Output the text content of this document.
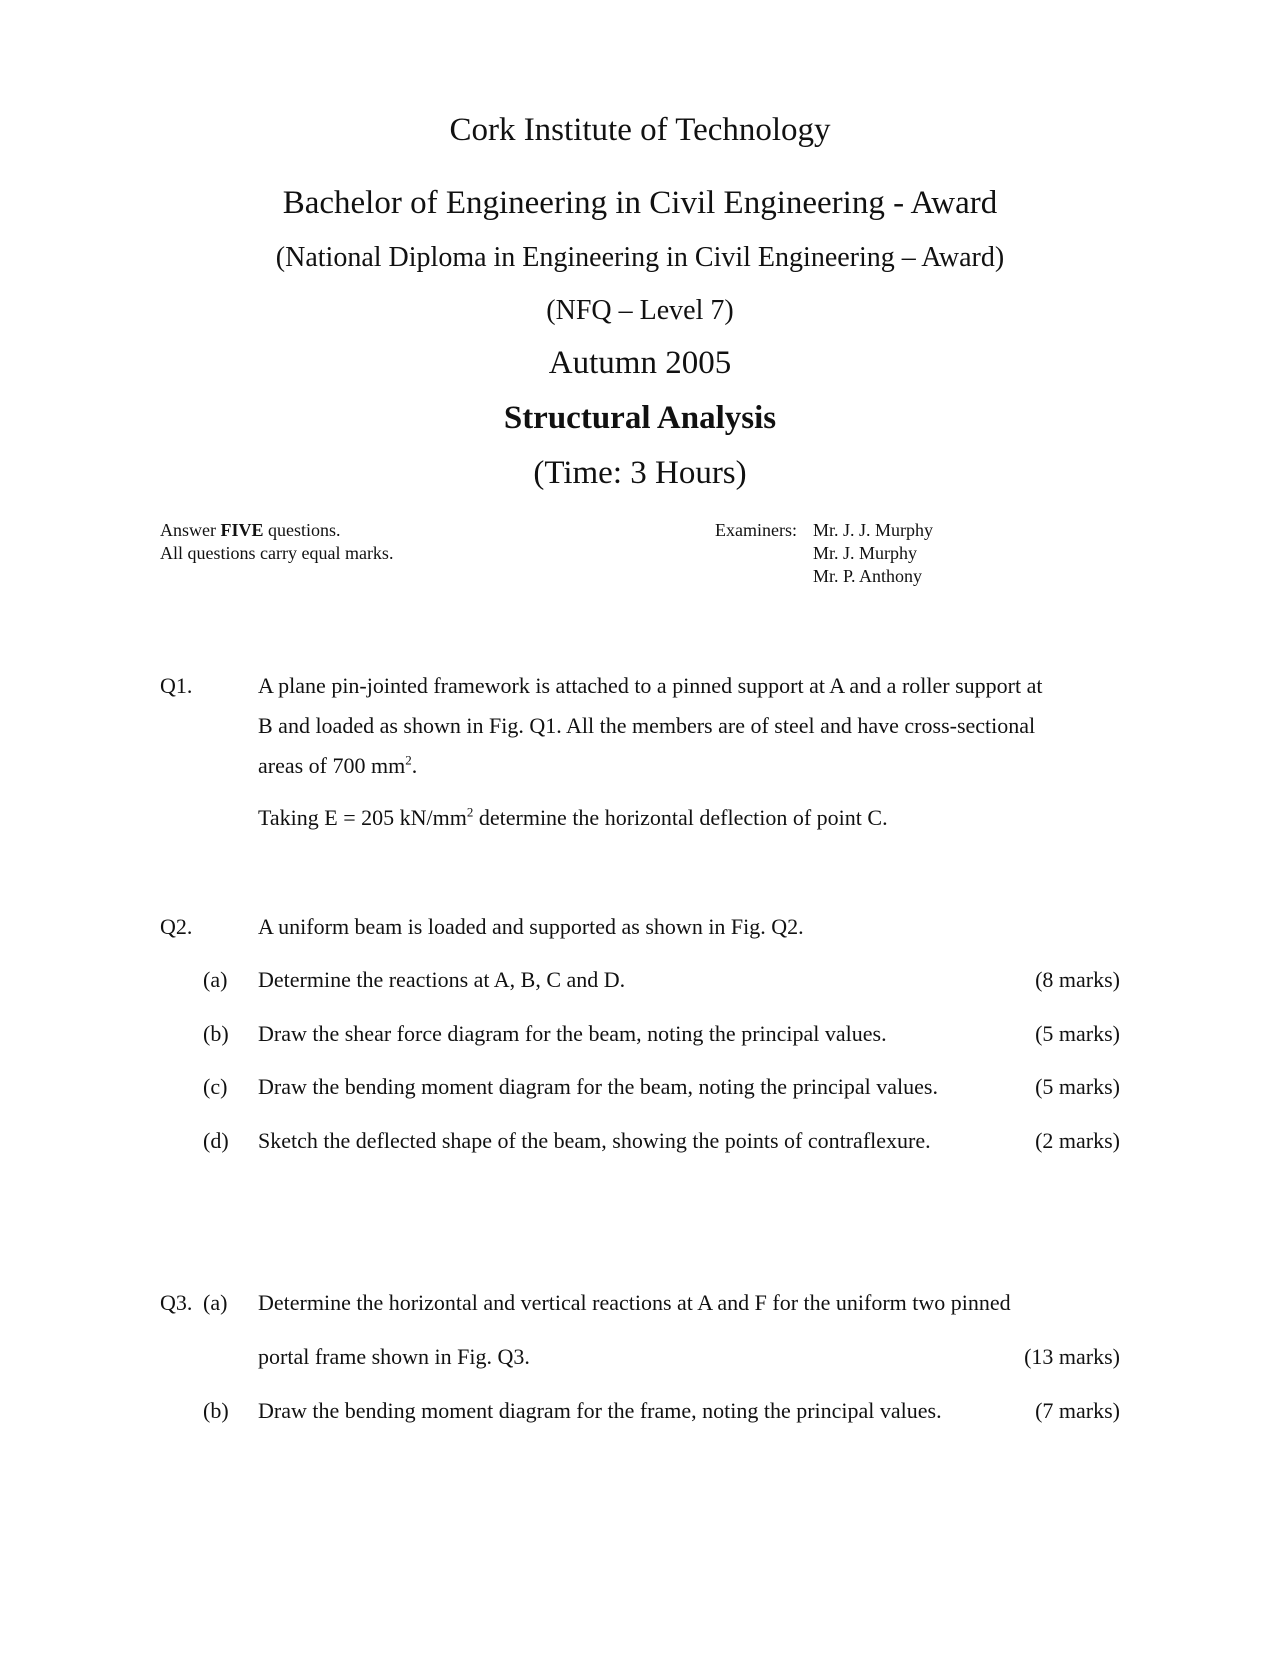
Cork Institute of Technology
Bachelor of Engineering in Civil Engineering - Award
(National Diploma in Engineering in Civil Engineering – Award)
(NFQ – Level 7)
Autumn 2005
Structural Analysis
(Time: 3 Hours)
Answer FIVE questions.
All questions carry equal marks.
Examiners: Mr. J. J. Murphy
Mr. J. Murphy
Mr. P. Anthony
Q1.	A plane pin-jointed framework is attached to a pinned support at A and a roller support at
B and loaded as shown in Fig. Q1. All the members are of steel and have cross-sectional
areas of 700 $mm^2$.
Taking E = 205 $kN/mm^2$ determine the horizontal deflection of point C.
Q2.	A uniform beam is loaded and supported as shown in Fig. Q2.
(a) Determine the reactions at A, B, C and D.	(8 marks)
(b) Draw the shear force diagram for the beam, noting the principal values.	(5 marks)
(c) Draw the bending moment diagram for the beam, noting the principal values.	(5 marks)
(d) Sketch the deflected shape of the beam, showing the points of contraflexure.	(2 marks)
Q3. (a) Determine the horizontal and vertical reactions at A and F for the uniform two pinned
portal frame shown in Fig. Q3.	(13 marks)
(b) Draw the bending moment diagram for the frame, noting the principal values.	(7 marks)
